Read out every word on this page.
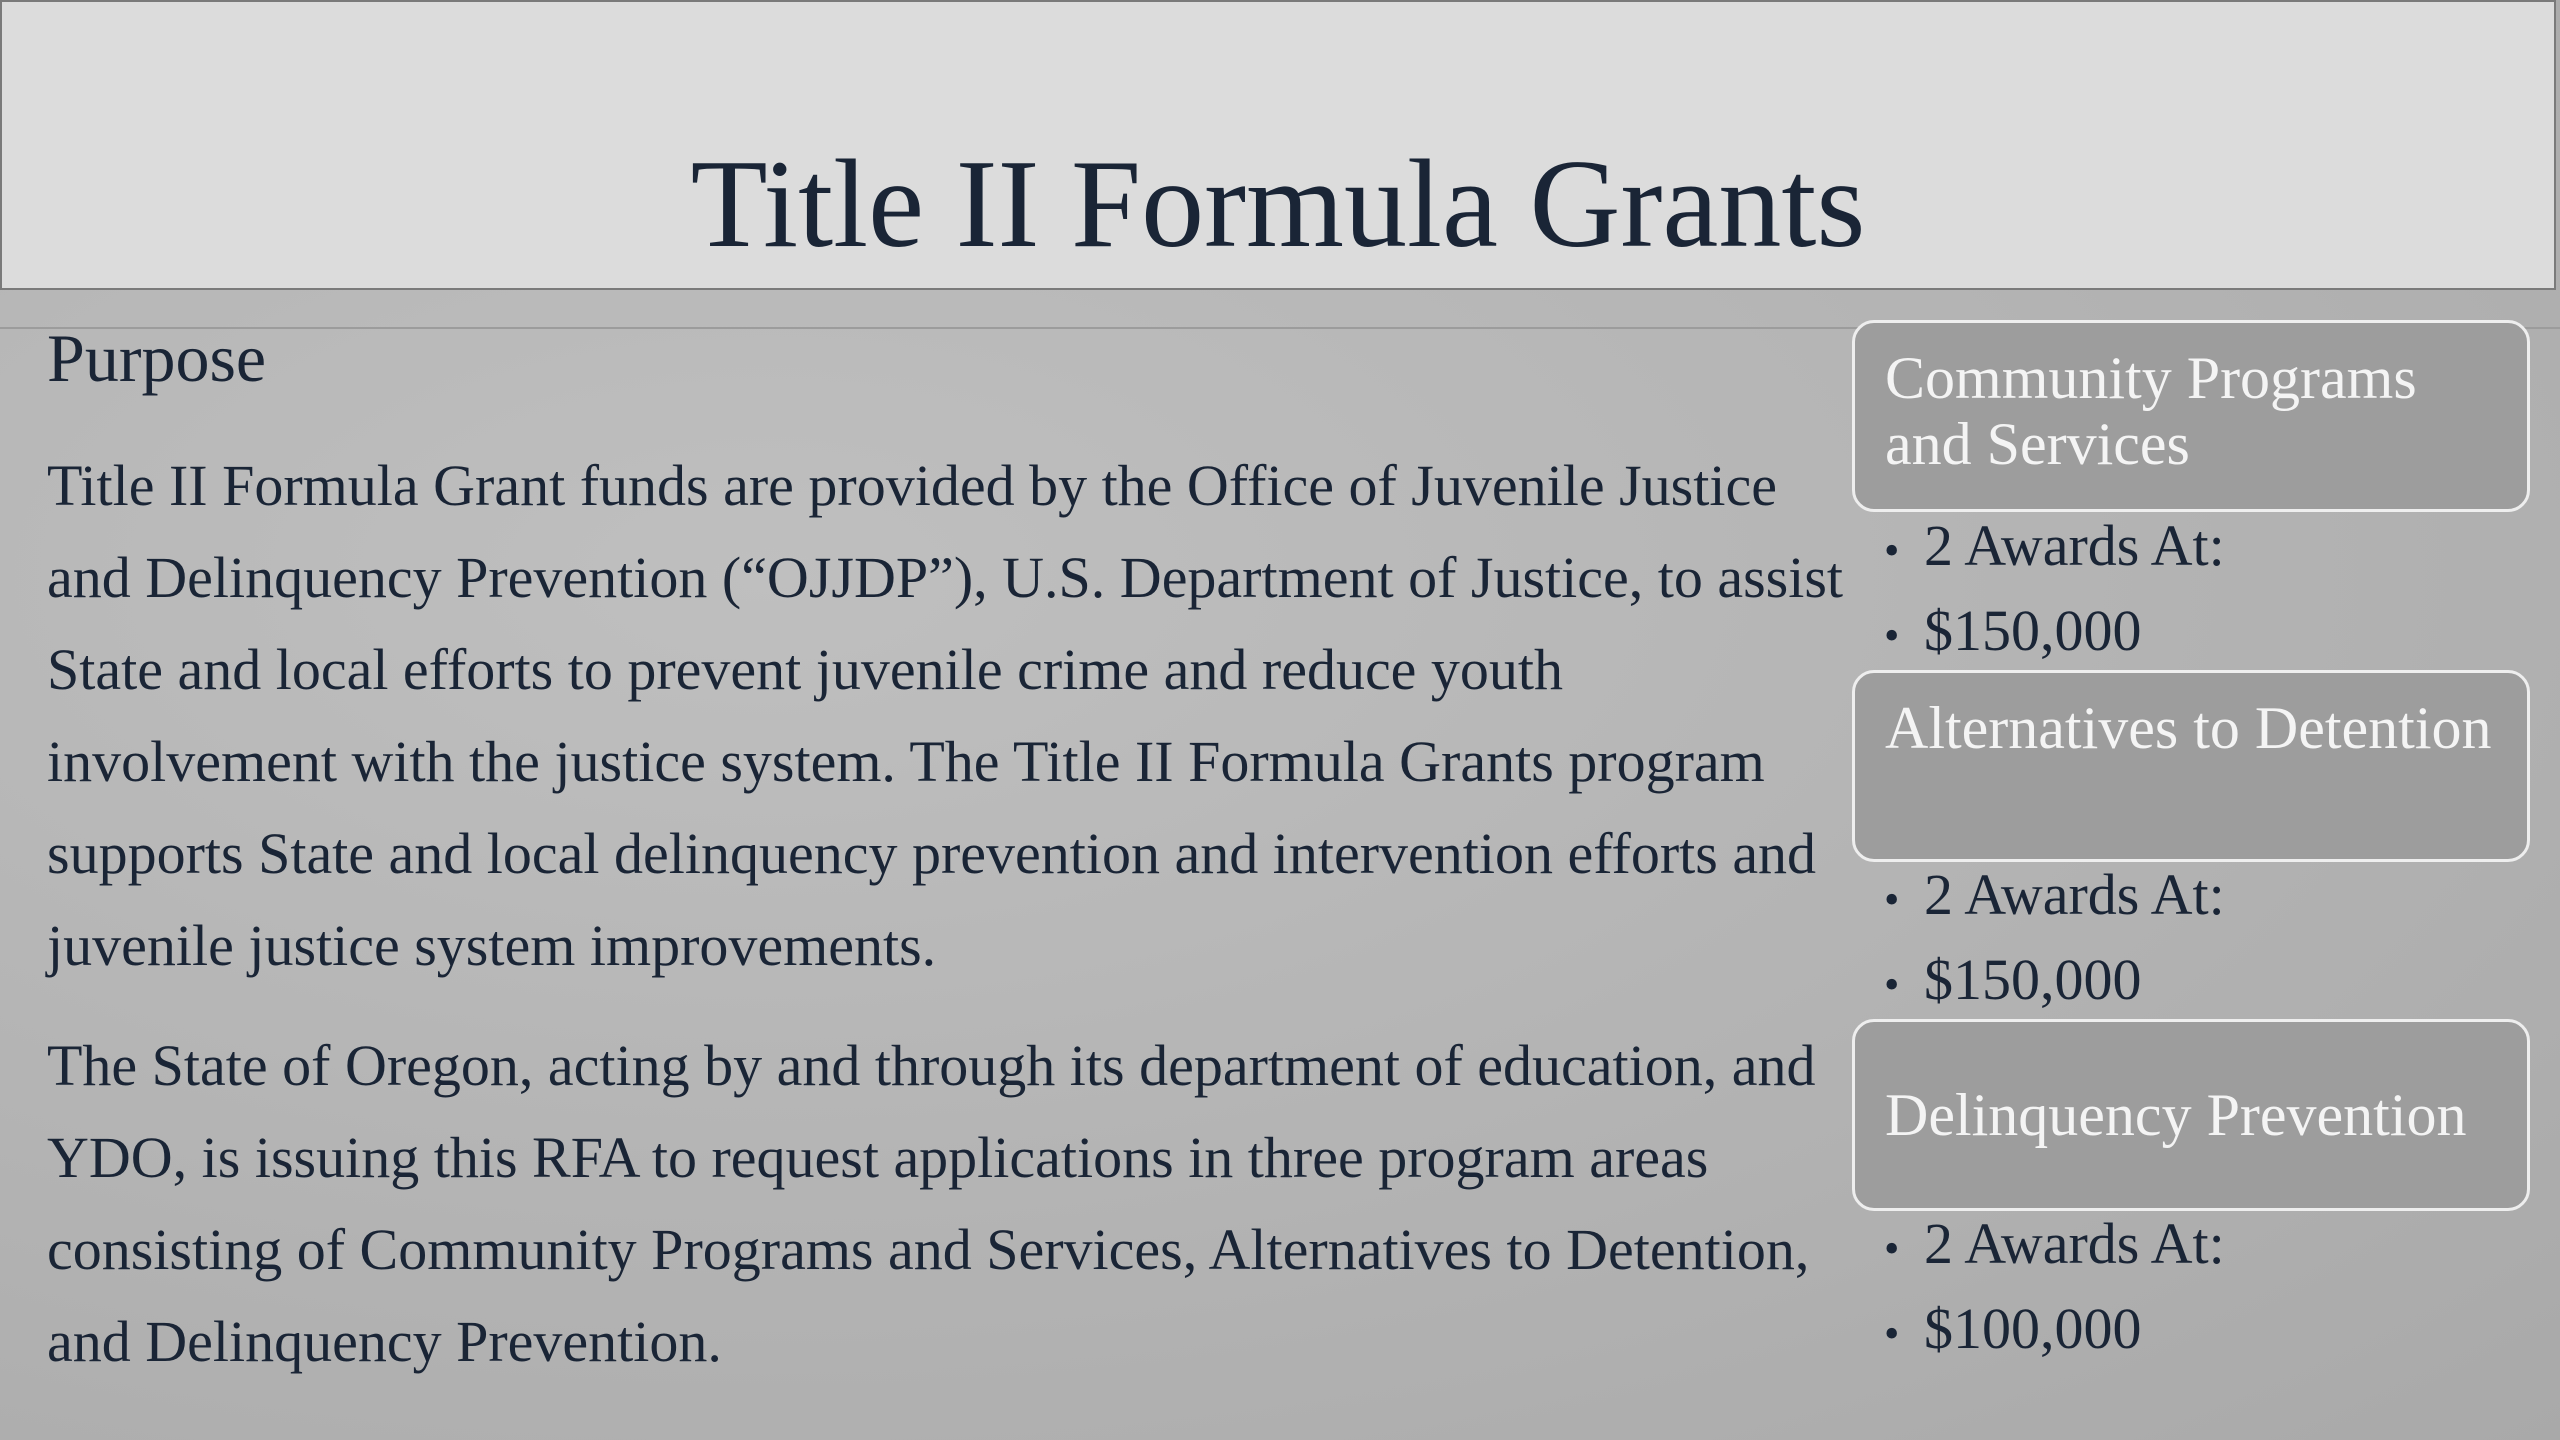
Title II Formula Grants
Purpose

Title II Formula Grant funds are provided by the Office of Juvenile Justice and Delinquency Prevention (“OJJDP”), U.S. Department of Justice, to assist State and local efforts to prevent juvenile crime and reduce youth involvement with the justice system. The Title II Formula Grants program supports State and local delinquency prevention and intervention efforts and juvenile justice system improvements.

The State of Oregon, acting by and through its department of education, and YDO, is issuing this RFA to request applications in three program areas consisting of Community Programs and Services, Alternatives to Detention, and Delinquency Prevention.

Community Programs and Services
• 2 Awards At:
• $150,000
Alternatives to Detention
• 2 Awards At:
• $150,000
Delinquency Prevention
• 2 Awards At:
• $100,000
